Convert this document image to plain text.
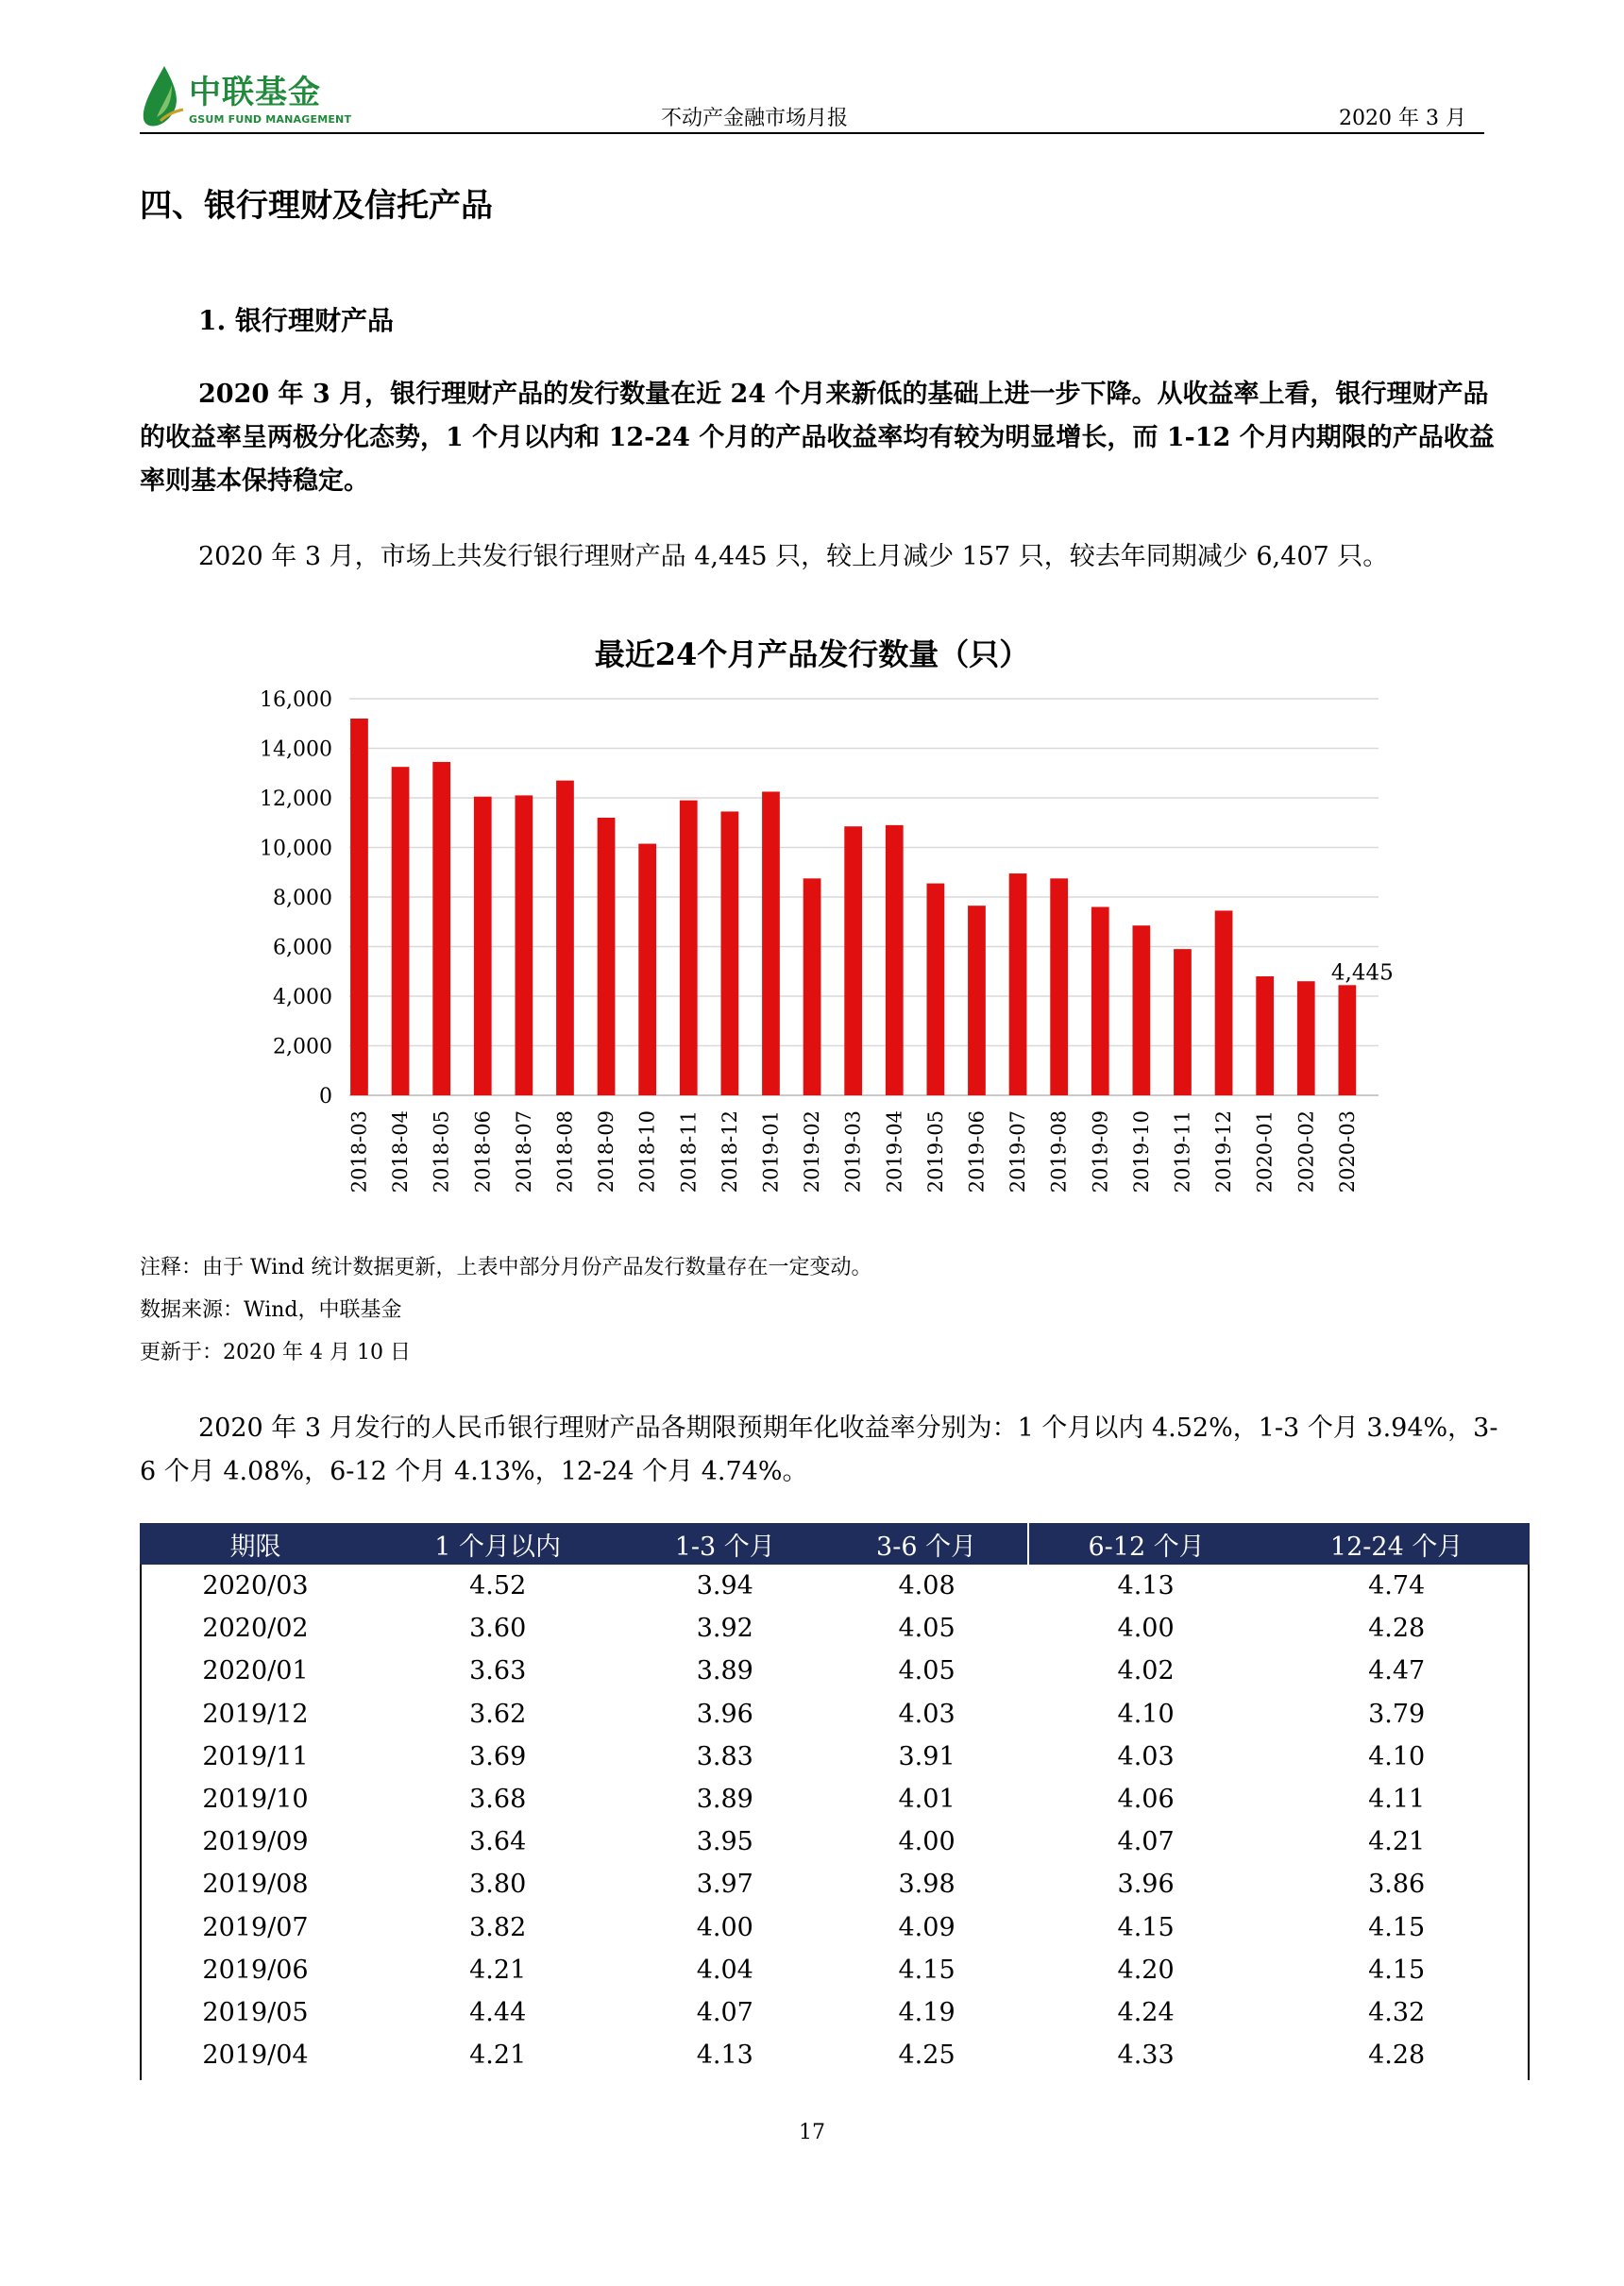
中联基金
GSUM FUND MANAGEMENT	不动产金融市场月报	2020 年 3 月
四、银行理财及信托产品
1. 银行理财产品

2020 年 3 月，银行理财产品的发行数量在近 24 个月来新低的基础上进一步下降。从收益率上看，银行理财产品的收益率呈两极分化态势，1 个月以内和 12-24 个月的产品收益率均有较为明显增长，而 1-12 个月内期限的产品收益率则基本保持稳定。

2020 年 3 月，市场上共发行银行理财产品 4,445 只，较上月减少 157 只，较去年同期减少 6,407 只。

最近24个月产品发行数量（只）
0
2,000
4,000
6,000
8,000
10,000
12,000
14,000
16,000
2018-03 2018-04 2018-05 2018-06 2018-07 2018-08 2018-09 2018-10 2018-11 2018-12 2019-01 2019-02 2019-03 2019-04 2019-05 2019-06 2019-07 2019-08 2019-09 2019-10 2019-11 2019-12 2020-01 2020-02 2020-03
4,445
注释：由于 Wind 统计数据更新，上表中部分月份产品发行数量存在一定变动。
数据来源：Wind，中联基金
更新于：2020 年 4 月 10 日

2020 年 3 月发行的人民币银行理财产品各期限预期年化收益率分别为：1 个月以内 4.52%，1-3 个月 3.94%，3-6 个月 4.08%，6-12 个月 4.13%，12-24 个月 4.74%。

期限	1 个月以内	1-3 个月	3-6 个月	6-12 个月	12-24 个月
2020/03	4.52	3.94	4.08	4.13	4.74
2020/02	3.60	3.92	4.05	4.00	4.28
2020/01	3.63	3.89	4.05	4.02	4.47
2019/12	3.62	3.96	4.03	4.10	3.79
2019/11	3.69	3.83	3.91	4.03	4.10
2019/10	3.68	3.89	4.01	4.06	4.11
2019/09	3.64	3.95	4.00	4.07	4.21
2019/08	3.80	3.97	3.98	3.96	3.86
2019/07	3.82	4.00	4.09	4.15	4.15
2019/06	4.21	4.04	4.15	4.20	4.15
2019/05	4.44	4.07	4.19	4.24	4.32
2019/04	4.21	4.13	4.25	4.33	4.28
17
